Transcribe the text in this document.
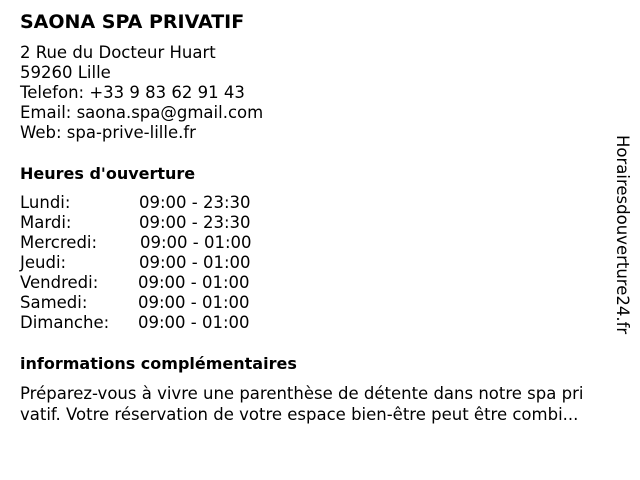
SAONA SPA PRIVATIF
2 Rue du Docteur Huart
59260 Lille
Telefon: +33 9 83 62 91 43
Email: saona.spa@gmail.com
Web: spa-prive-lille.fr
Heures d'ouverture
Lundi:	09:00 - 23:30
Mardi:	09:00 - 23:30
Mercredi:	09:00 - 01:00
Jeudi:	09:00 - 01:00
Vendredi: 09:00 - 01:00
Samedi:	09:00 - 01:00
Dimanche: 09:00 - 01:00
informations complémentaires
Préparez-vous à vivre une parenthèse de détente dans notre spa pri
vatif. Votre réservation de votre espace bien-être peut être combi...
Horairesdouverture24.fr
